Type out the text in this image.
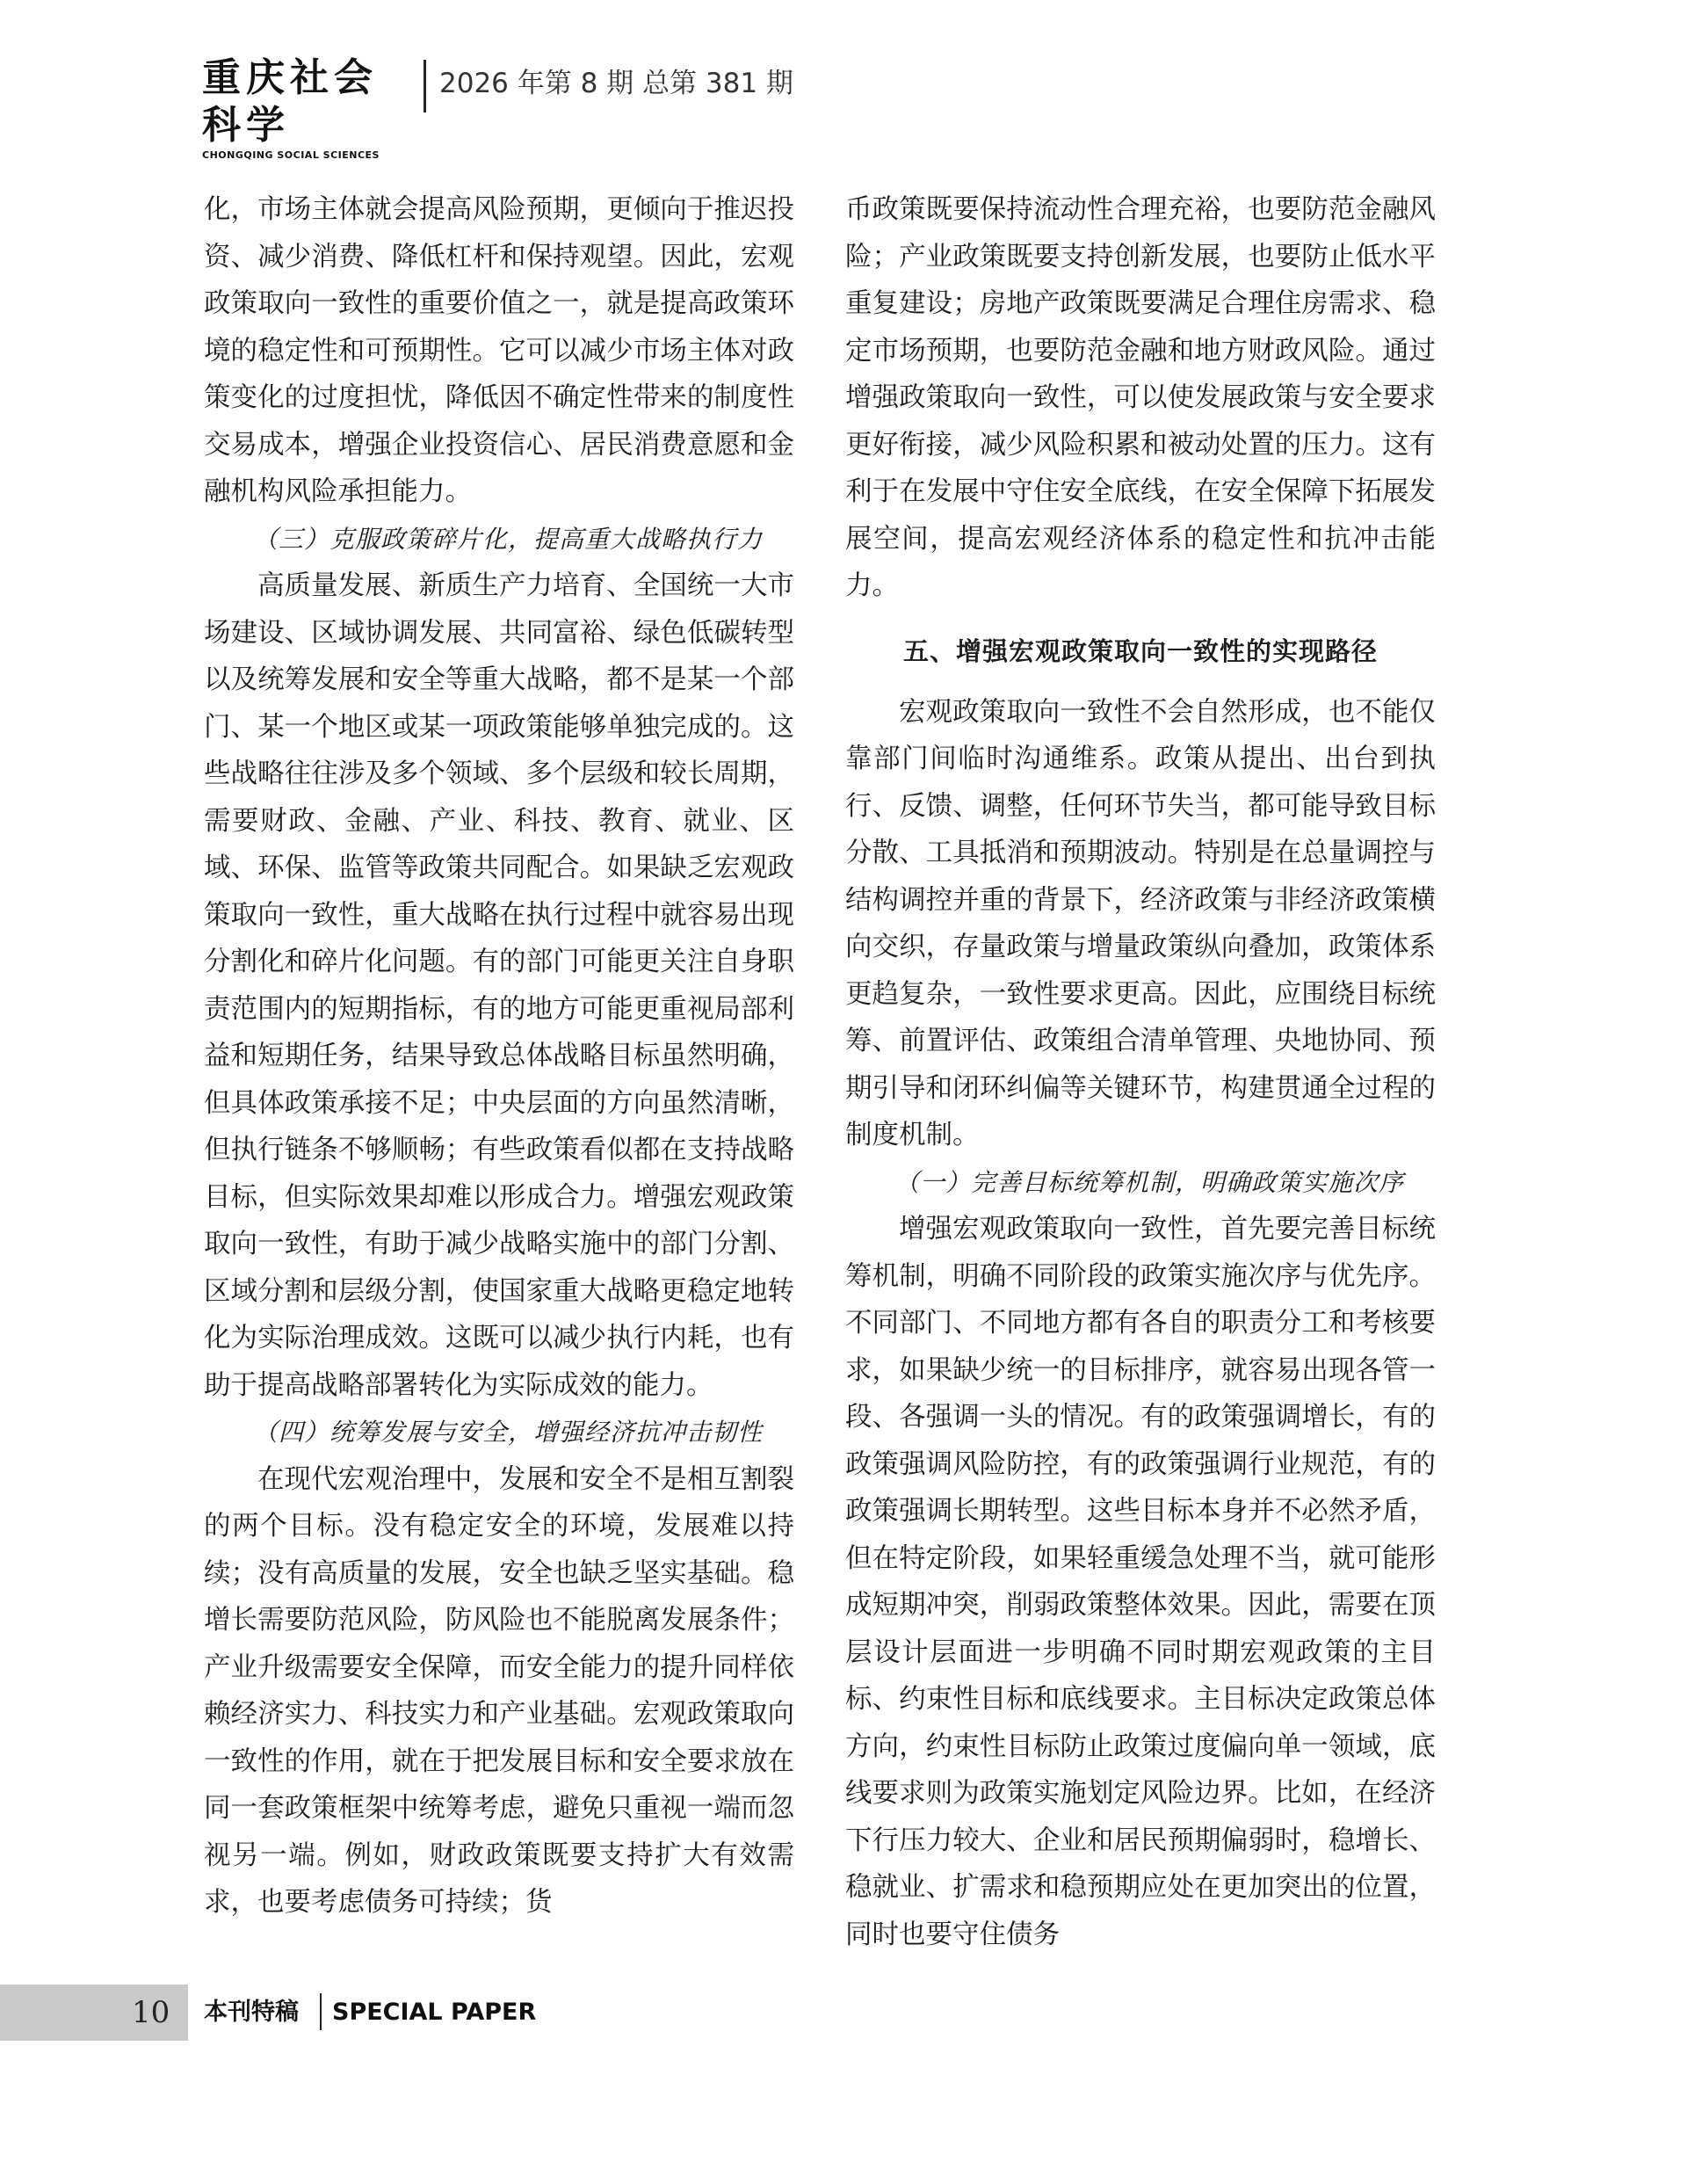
重庆社会科学
CHONGQING SOCIAL SCIENCES
2026 年第 8 期 总第 381 期

化，市场主体就会提高风险预期，更倾向于推迟投资、减少消费、降低杠杆和保持观望。因此，宏观政策取向一致性的重要价值之一，就是提高政策环境的稳定性和可预期性。它可以减少市场主体对政策变化的过度担忧，降低因不确定性带来的制度性交易成本，增强企业投资信心、居民消费意愿和金融机构风险承担能力。

（三）克服政策碎片化，提高重大战略执行力

高质量发展、新质生产力培育、全国统一大市场建设、区域协调发展、共同富裕、绿色低碳转型以及统筹发展和安全等重大战略，都不是某一个部门、某一个地区或某一项政策能够单独完成的。这些战略往往涉及多个领域、多个层级和较长周期，需要财政、金融、产业、科技、教育、就业、区域、环保、监管等政策共同配合。如果缺乏宏观政策取向一致性，重大战略在执行过程中就容易出现分割化和碎片化问题。有的部门可能更关注自身职责范围内的短期指标，有的地方可能更重视局部利益和短期任务，结果导致总体战略目标虽然明确，但具体政策承接不足；中央层面的方向虽然清晰，但执行链条不够顺畅；有些政策看似都在支持战略目标，但实际效果却难以形成合力。增强宏观政策取向一致性，有助于减少战略实施中的部门分割、区域分割和层级分割，使国家重大战略更稳定地转化为实际治理成效。这既可以减少执行内耗，也有助于提高战略部署转化为实际成效的能力。

（四）统筹发展与安全，增强经济抗冲击韧性

在现代宏观治理中，发展和安全不是相互割裂的两个目标。没有稳定安全的环境，发展难以持续；没有高质量的发展，安全也缺乏坚实基础。稳增长需要防范风险，防风险也不能脱离发展条件；产业升级需要安全保障，而安全能力的提升同样依赖经济实力、科技实力和产业基础。宏观政策取向一致性的作用，就在于把发展目标和安全要求放在同一套政策框架中统筹考虑，避免只重视一端而忽视另一端。例如，财政政策既要支持扩大有效需求，也要考虑债务可持续；货

币政策既要保持流动性合理充裕，也要防范金融风险；产业政策既要支持创新发展，也要防止低水平重复建设；房地产政策既要满足合理住房需求、稳定市场预期，也要防范金融和地方财政风险。通过增强政策取向一致性，可以使发展政策与安全要求更好衔接，减少风险积累和被动处置的压力。这有利于在发展中守住安全底线，在安全保障下拓展发展空间，提高宏观经济体系的稳定性和抗冲击能力。

五、增强宏观政策取向一致性的实现路径

宏观政策取向一致性不会自然形成，也不能仅靠部门间临时沟通维系。政策从提出、出台到执行、反馈、调整，任何环节失当，都可能导致目标分散、工具抵消和预期波动。特别是在总量调控与结构调控并重的背景下，经济政策与非经济政策横向交织，存量政策与增量政策纵向叠加，政策体系更趋复杂，一致性要求更高。因此，应围绕目标统筹、前置评估、政策组合清单管理、央地协同、预期引导和闭环纠偏等关键环节，构建贯通全过程的制度机制。

（一）完善目标统筹机制，明确政策实施次序

增强宏观政策取向一致性，首先要完善目标统筹机制，明确不同阶段的政策实施次序与优先序。不同部门、不同地方都有各自的职责分工和考核要求，如果缺少统一的目标排序，就容易出现各管一段、各强调一头的情况。有的政策强调增长，有的政策强调风险防控，有的政策强调行业规范，有的政策强调长期转型。这些目标本身并不必然矛盾，但在特定阶段，如果轻重缓急处理不当，就可能形成短期冲突，削弱政策整体效果。因此，需要在顶层设计层面进一步明确不同时期宏观政策的主目标、约束性目标和底线要求。主目标决定政策总体方向，约束性目标防止政策过度偏向单一领域，底线要求则为政策实施划定风险边界。比如，在经济下行压力较大、企业和居民预期偏弱时，稳增长、稳就业、扩需求和稳预期应处在更加突出的位置，同时也要守住债务

10 本刊特稿 SPECIAL PAPER
